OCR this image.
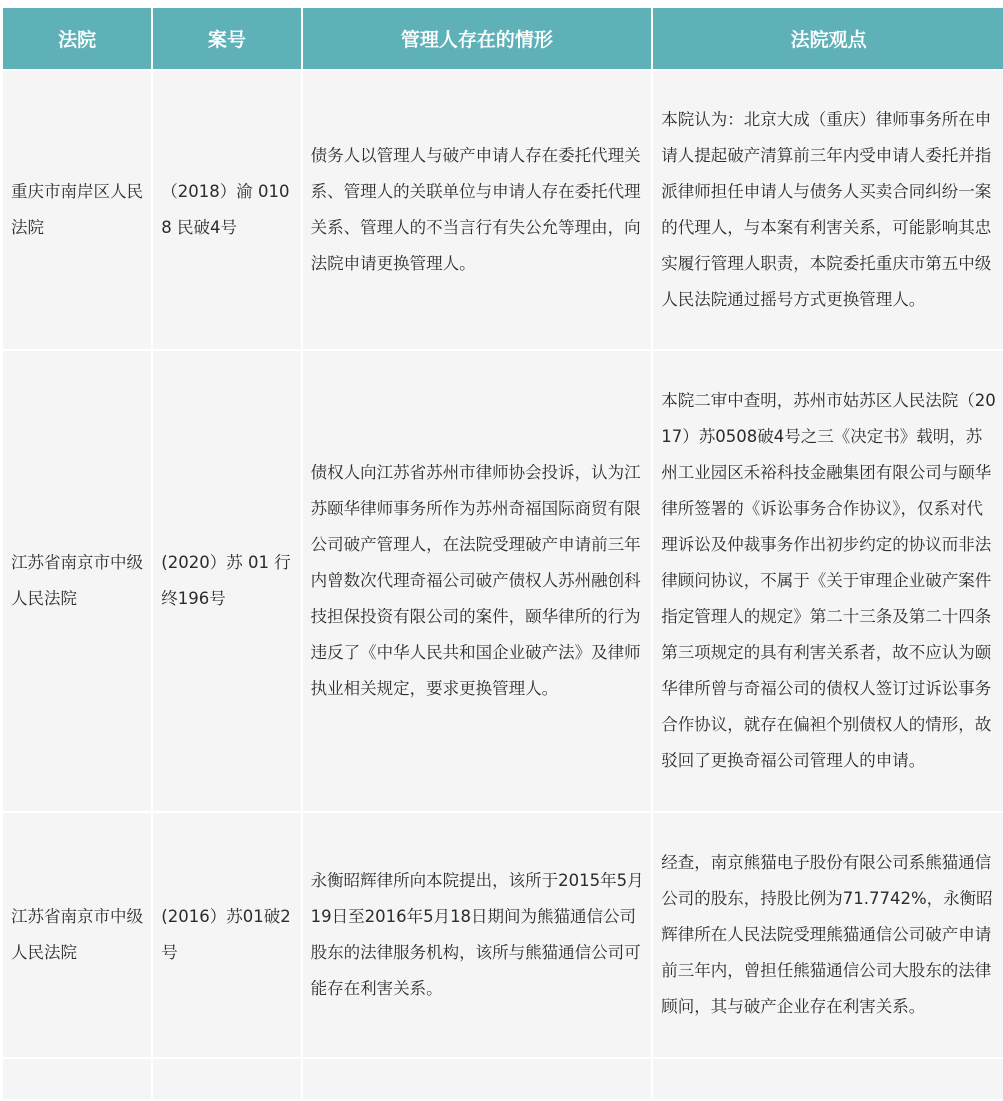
法院	案号	管理人存在的情形	法院观点
重庆市南岸区人民法院	（2018）渝 0108 民破4号	债务人以管理人与破产申请人存在委托代理关系、管理人的关联单位与申请人存在委托代理关系、管理人的不当言行有失公允等理由，向法院申请更换管理人。	本院认为：北京大成（重庆）律师事务所在申请人提起破产清算前三年内受申请人委托并指派律师担任申请人与债务人买卖合同纠纷一案的代理人，与本案有利害关系，可能影响其忠实履行管理人职责，本院委托重庆市第五中级人民法院通过摇号方式更换管理人。
江苏省南京市中级人民法院	(2020）苏 01 行终196号	债权人向江苏省苏州市律师协会投诉，认为江苏颐华律师事务所作为苏州奇福国际商贸有限公司破产管理人，在法院受理破产申请前三年内曾数次代理奇福公司破产债权人苏州融创科技担保投资有限公司的案件，颐华律所的行为违反了《中华人民共和国企业破产法》及律师执业相关规定，要求更换管理人。	本院二审中查明，苏州市姑苏区人民法院（2017）苏0508破4号之三《决定书》载明，苏州工业园区禾裕科技金融集团有限公司与颐华律所签署的《诉讼事务合作协议》，仅系对代理诉讼及仲裁事务作出初步约定的协议而非法律顾问协议，不属于《关于审理企业破产案件指定管理人的规定》第二十三条及第二十四条第三项规定的具有利害关系者，故不应认为颐华律所曾与奇福公司的债权人签订过诉讼事务合作协议，就存在偏袒个别债权人的情形，故驳回了更换奇福公司管理人的申请。
江苏省南京市中级人民法院	(2016）苏01破2号	永衡昭辉律所向本院提出，该所于2015年5月19日至2016年5月18日期间为熊猫通信公司股东的法律服务机构，该所与熊猫通信公司可能存在利害关系。	经查，南京熊猫电子股份有限公司系熊猫通信公司的股东，持股比例为71.7742%，永衡昭辉律所在人民法院受理熊猫通信公司破产申请前三年内，曾担任熊猫通信公司大股东的法律顾问，其与破产企业存在利害关系。
